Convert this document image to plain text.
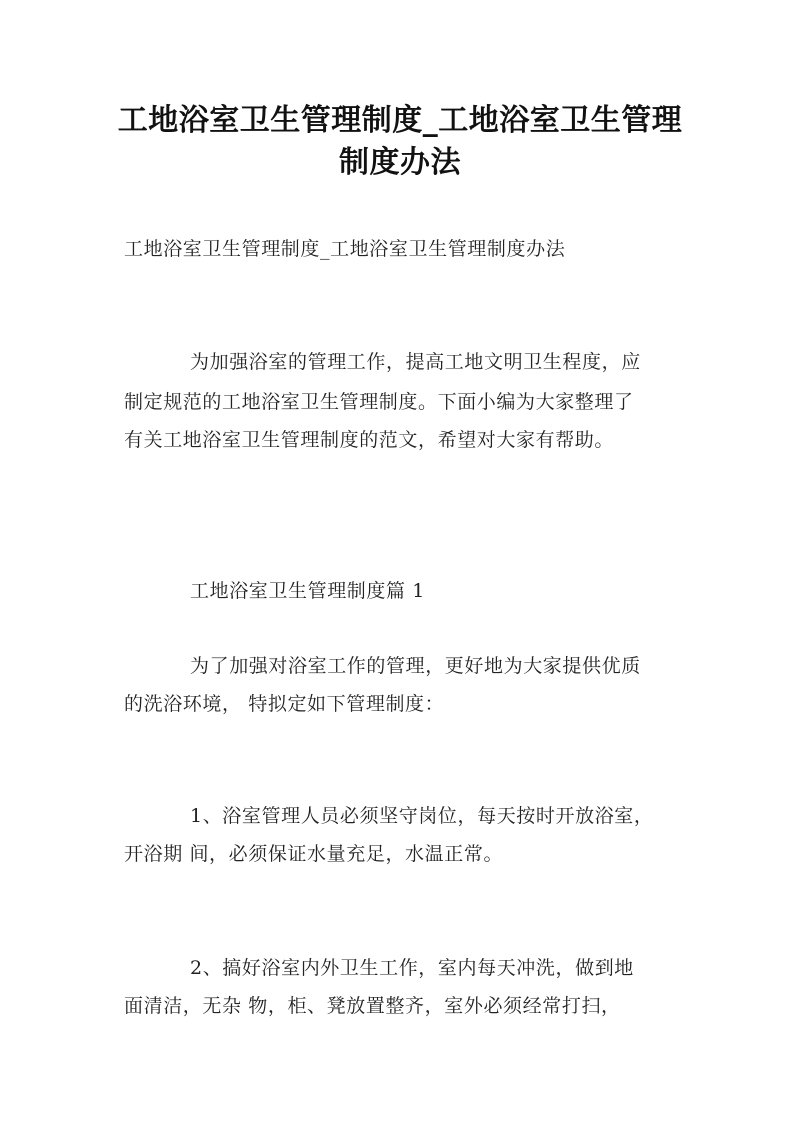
工地浴室卫生管理制度_工地浴室卫生管理
制度办法
工地浴室卫生管理制度_工地浴室卫生管理制度办法
为加强浴室的管理工作，提高工地文明卫生程度，应
制定规范的工地浴室卫生管理制度。下面小编为大家整理了
有关工地浴室卫生管理制度的范文，希望对大家有帮助。
工地浴室卫生管理制度篇 1
为了加强对浴室工作的管理，更好地为大家提供优质
的洗浴环境， 特拟定如下管理制度：
1、浴室管理人员必须坚守岗位，每天按时开放浴室，
开浴期 间，必须保证水量充足，水温正常。
2、搞好浴室内外卫生工作，室内每天冲洗，做到地
面清洁，无杂 物，柜、凳放置整齐，室外必须经常打扫，
